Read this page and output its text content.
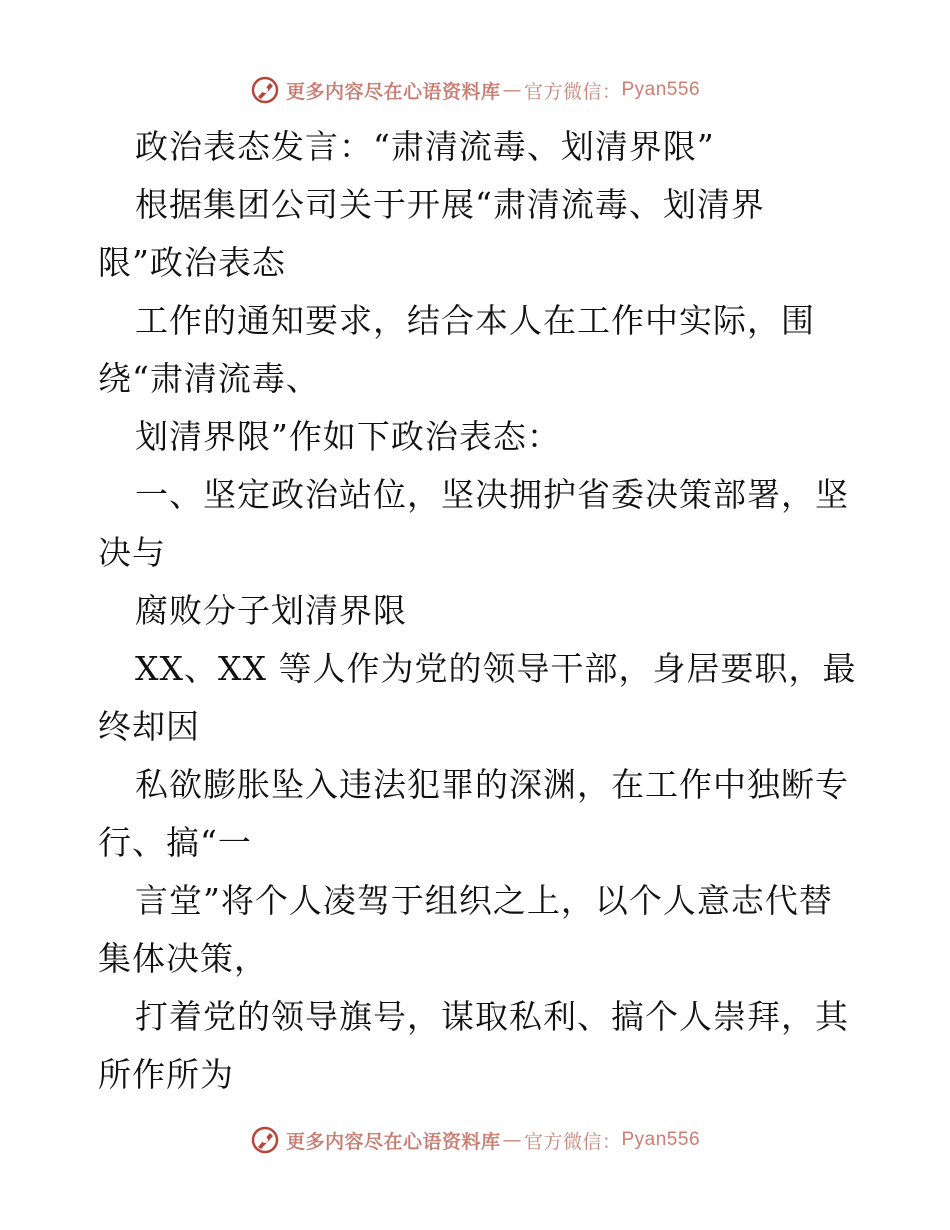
更多内容尽在心语资料库 — 官方微信： Pyan556
政治表态发言：“肃清流毒、划清界限”
根据集团公司关于开展“肃清流毒、划清界
限”政治表态
工作的通知要求，结合本人在工作中实际，围
绕“肃清流毒、
划清界限”作如下政治表态：
一、坚定政治站位，坚决拥护省委决策部署，坚
决与
腐败分子划清界限
XX、XX 等人作为党的领导干部，身居要职，最
终却因
私欲膨胀坠入违法犯罪的深渊，在工作中独断专
行、搞“一
言堂”将个人凌驾于组织之上，以个人意志代替
集体决策，
打着党的领导旗号，谋取私利、搞个人崇拜，其
所作所为
更多内容尽在心语资料库 — 官方微信： Pyan556
